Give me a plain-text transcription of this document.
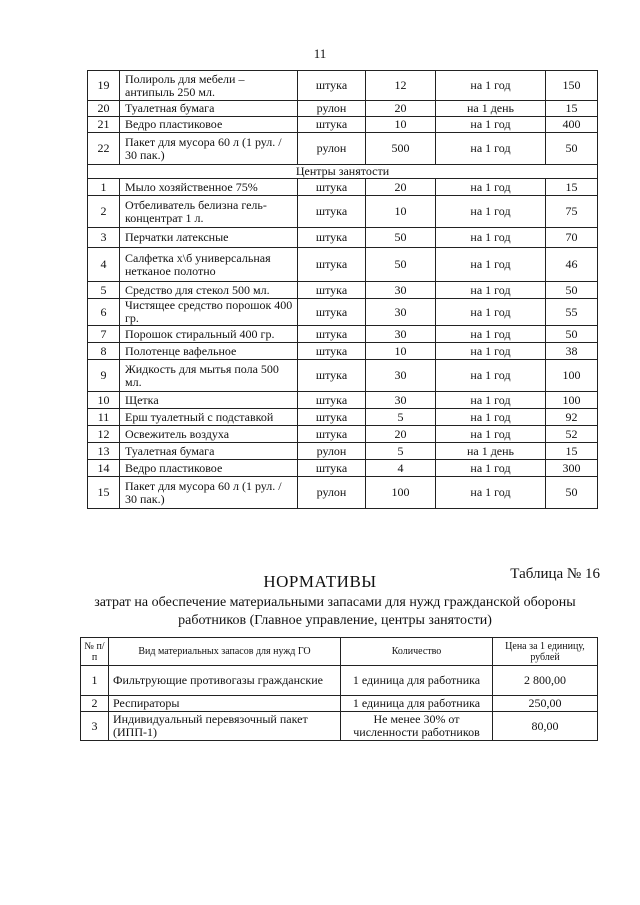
11
19	Полироль для мебели – антипыль 250 мл.	штука	12	на 1 год	150
20	Туалетная бумага	рулон	20	на 1 день	15
21	Ведро пластиковое	штука	10	на 1 год	400
22	Пакет для мусора 60 л (1 рул. / 30 пак.)	рулон	500	на 1 год	50
Центры занятости					
1	Мыло хозяйственное 75%	штука	20	на 1 год	15
2	Отбеливатель белизна гель-концентрат 1 л.	штука	10	на 1 год	75
3	Перчатки латексные	штука	50	на 1 год	70
4	Салфетка х\б универсальная нетканое полотно	штука	50	на 1 год	46
5	Средство для стекол 500 мл.	штука	30	на 1 год	50
6	Чистящее средство порошок 400 гр.	штука	30	на 1 год	55
7	Порошок стиральный 400 гр.	штука	30	на 1 год	50
8	Полотенце вафельное	штука	10	на 1 год	38
9	Жидкость для мытья пола 500 мл.	штука	30	на 1 год	100
10	Щетка	штука	30	на 1 год	100
11	Ерш туалетный с подставкой	штука	5	на 1 год	92
12	Освежитель воздуха	штука	20	на 1 год	52
13	Туалетная бумага	рулон	5	на 1 день	15
14	Ведро пластиковое	штука	4	на 1 год	300
15	Пакет для мусора 60 л (1 рул. / 30 пак.)	рулон	100	на 1 год	50
Таблица № 16
НОРМАТИВЫ
затрат на обеспечение материальными запасами для нужд гражданской обороны работников (Главное управление, центры занятости)
№ п/п	Вид материальных запасов для нужд ГО	Количество	Цена за 1 единицу, рублей
1	Фильтрующие противогазы гражданские	1 единица для работника	2 800,00
2	Респираторы	1 единица для работника	250,00
3	Индивидуальный перевязочный пакет (ИПП-1)	Не менее 30% от численности работников	80,00
